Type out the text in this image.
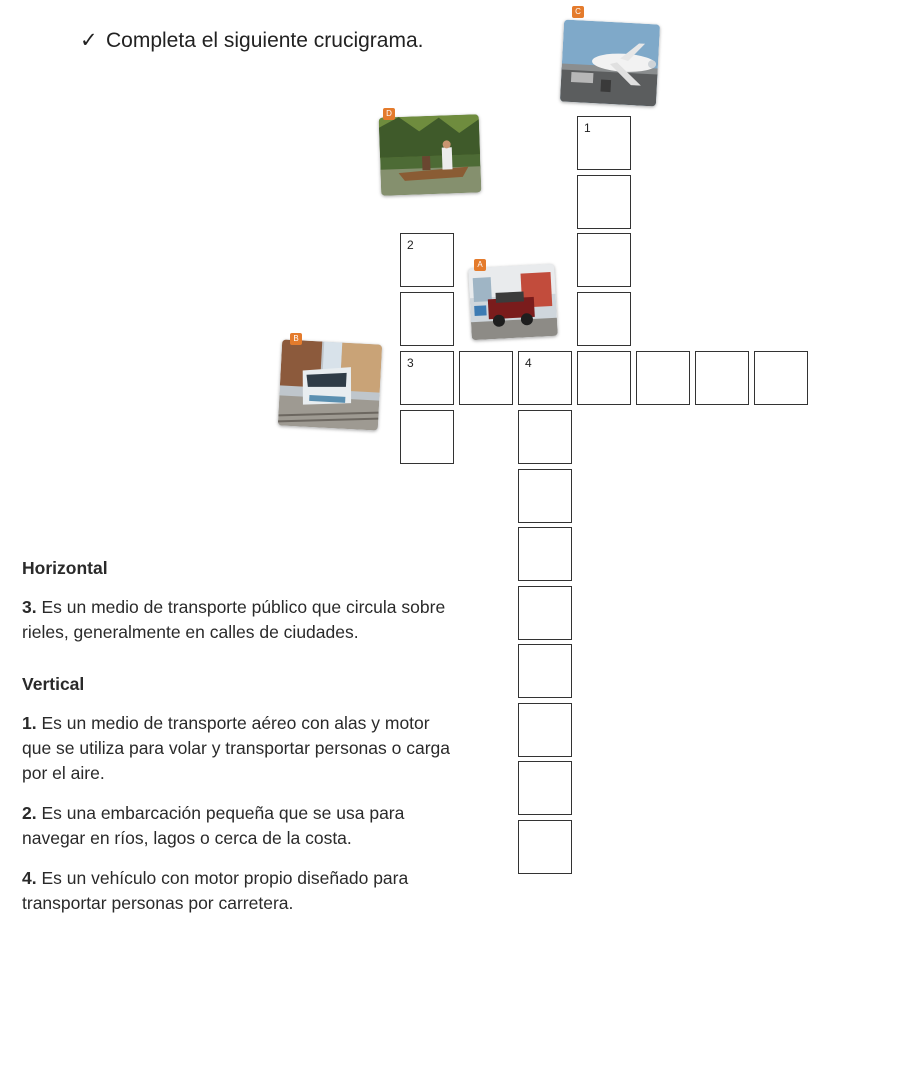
✓ Completa el siguiente crucigrama.
C
D
A
B
1
2
3	4
Horizontal
3. Es un medio de transporte público que circula sobre rieles, generalmente en calles de ciudades.
Vertical
1. Es un medio de transporte aéreo con alas y motor que se utiliza para volar y transportar personas o carga por el aire.
2. Es una embarcación pequeña que se usa para navegar en ríos, lagos o cerca de la costa.
4. Es un vehículo con motor propio diseñado para transportar personas por carretera.
